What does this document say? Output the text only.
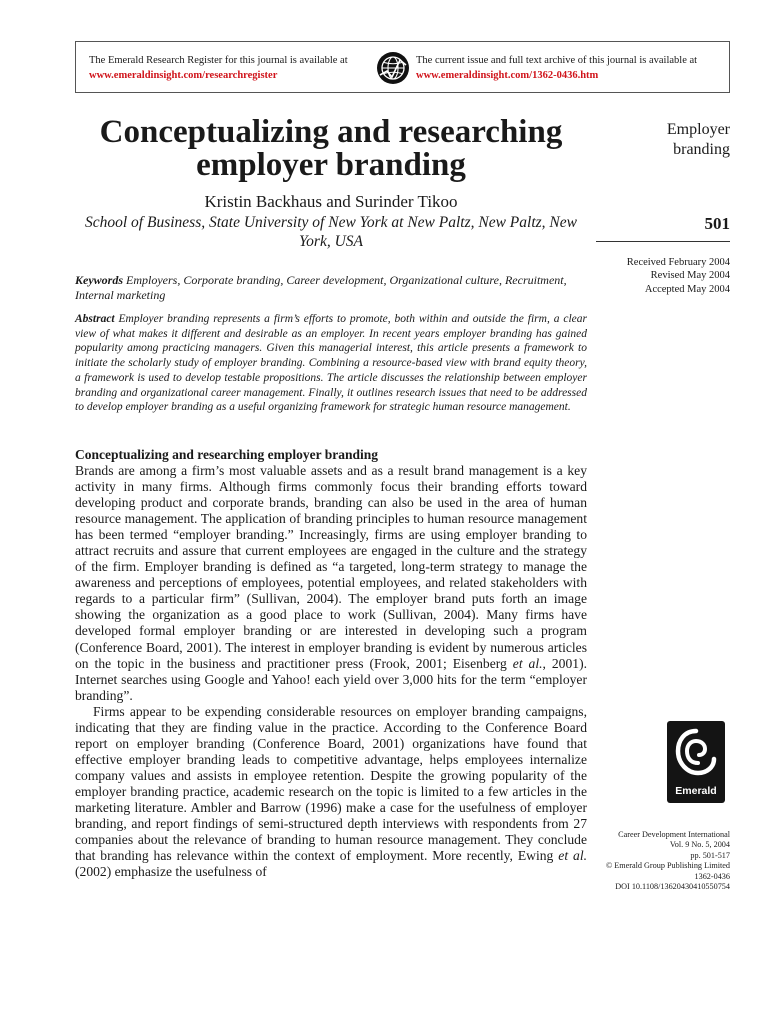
The Emerald Research Register for this journal is available at
www.emeraldinsight.com/researchregister
The current issue and full text archive of this journal is available at
www.emeraldinsight.com/1362-0436.htm
Conceptualizing and researching employer branding
Kristin Backhaus and Surinder Tikoo
School of Business, State University of New York at New Paltz, New Paltz, New York, USA
Employer
branding
501
Received February 2004
Revised May 2004
Accepted May 2004
Keywords Employers, Corporate branding, Career development, Organizational culture, Recruitment, Internal marketing
Abstract Employer branding represents a firm’s efforts to promote, both within and outside the firm, a clear view of what makes it different and desirable as an employer. In recent years employer branding has gained popularity among practicing managers. Given this managerial interest, this article presents a framework to initiate the scholarly study of employer branding. Combining a resource-based view with brand equity theory, a framework is used to develop testable propositions. The article discusses the relationship between employer branding and organizational career management. Finally, it outlines research issues that need to be addressed to develop employer branding as a useful organizing framework for strategic human resource management.
Conceptualizing and researching employer branding

Brands are among a firm’s most valuable assets and as a result brand management is a key activity in many firms. Although firms commonly focus their branding efforts toward developing product and corporate brands, branding can also be used in the area of human resource management. The application of branding principles to human resource management has been termed “employer branding.” Increasingly, firms are using employer branding to attract recruits and assure that current employees are engaged in the culture and the strategy of the firm. Employer branding is defined as “a targeted, long-term strategy to manage the awareness and perceptions of employees, potential employees, and related stakeholders with regards to a particular firm” (Sullivan, 2004). The employer brand puts forth an image showing the organization as a good place to work (Sullivan, 2004). Many firms have developed formal employer branding or are interested in developing such a program (Conference Board, 2001). The interest in employer branding is evident by numerous articles on the topic in the business and practitioner press (Frook, 2001; Eisenberg et al., 2001). Internet searches using Google and Yahoo! each yield over 3,000 hits for the term “employer branding”.

Firms appear to be expending considerable resources on employer branding campaigns, indicating that they are finding value in the practice. According to the Conference Board report on employer branding (Conference Board, 2001) organizations have found that effective employer branding leads to competitive advantage, helps employees internalize company values and assists in employee retention. Despite the growing popularity of the employer branding practice, academic research on the topic is limited to a few articles in the marketing literature. Ambler and Barrow (1996) make a case for the usefulness of employer branding, and report findings of semi-structured depth interviews with respondents from 27 companies about the relevance of branding to human resource management. They conclude that branding has relevance within the context of employment. More recently, Ewing et al. (2002) emphasize the usefulness of

Emerald
Career Development International
Vol. 9 No. 5, 2004
pp. 501-517
© Emerald Group Publishing Limited
1362-0436
DOI 10.1108/13620430410550754
